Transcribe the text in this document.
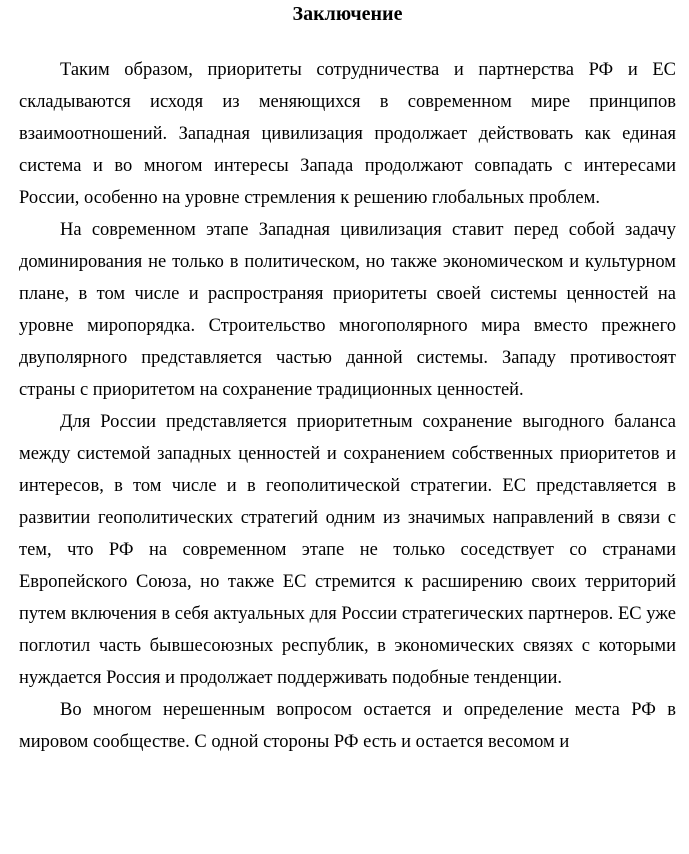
Заключение

Таким образом, приоритеты сотрудничества и партнерства РФ и ЕС складываются исходя из меняющихся в современном мире принципов взаимоотношений. Западная цивилизация продолжает действовать как единая система и во многом интересы Запада продолжают совпадать с интересами России, особенно на уровне стремления к решению глобальных проблем.

На современном этапе Западная цивилизация ставит перед собой задачу доминирования не только в политическом, но также экономическом и культурном плане, в том числе и распространяя приоритеты своей системы ценностей на уровне миропорядка. Строительство многополярного мира вместо прежнего двуполярного представляется частью данной системы. Западу противостоят страны с приоритетом на сохранение традиционных ценностей.

Для России представляется приоритетным сохранение выгодного баланса между системой западных ценностей и сохранением собственных приоритетов и интересов, в том числе и в геополитической стратегии. ЕС представляется в развитии геополитических стратегий одним из значимых направлений в связи с тем, что РФ на современном этапе не только соседствует со странами Европейского Союза, но также ЕС стремится к расширению своих территорий путем включения в себя актуальных для России стратегических партнеров. ЕС уже поглотил часть бывшесоюзных республик, в экономических связях с которыми нуждается Россия и продолжает поддерживать подобные тенденции.

Во многом нерешенным вопросом остается и определение места РФ в мировом сообществе. С одной стороны РФ есть и остается весомом и
